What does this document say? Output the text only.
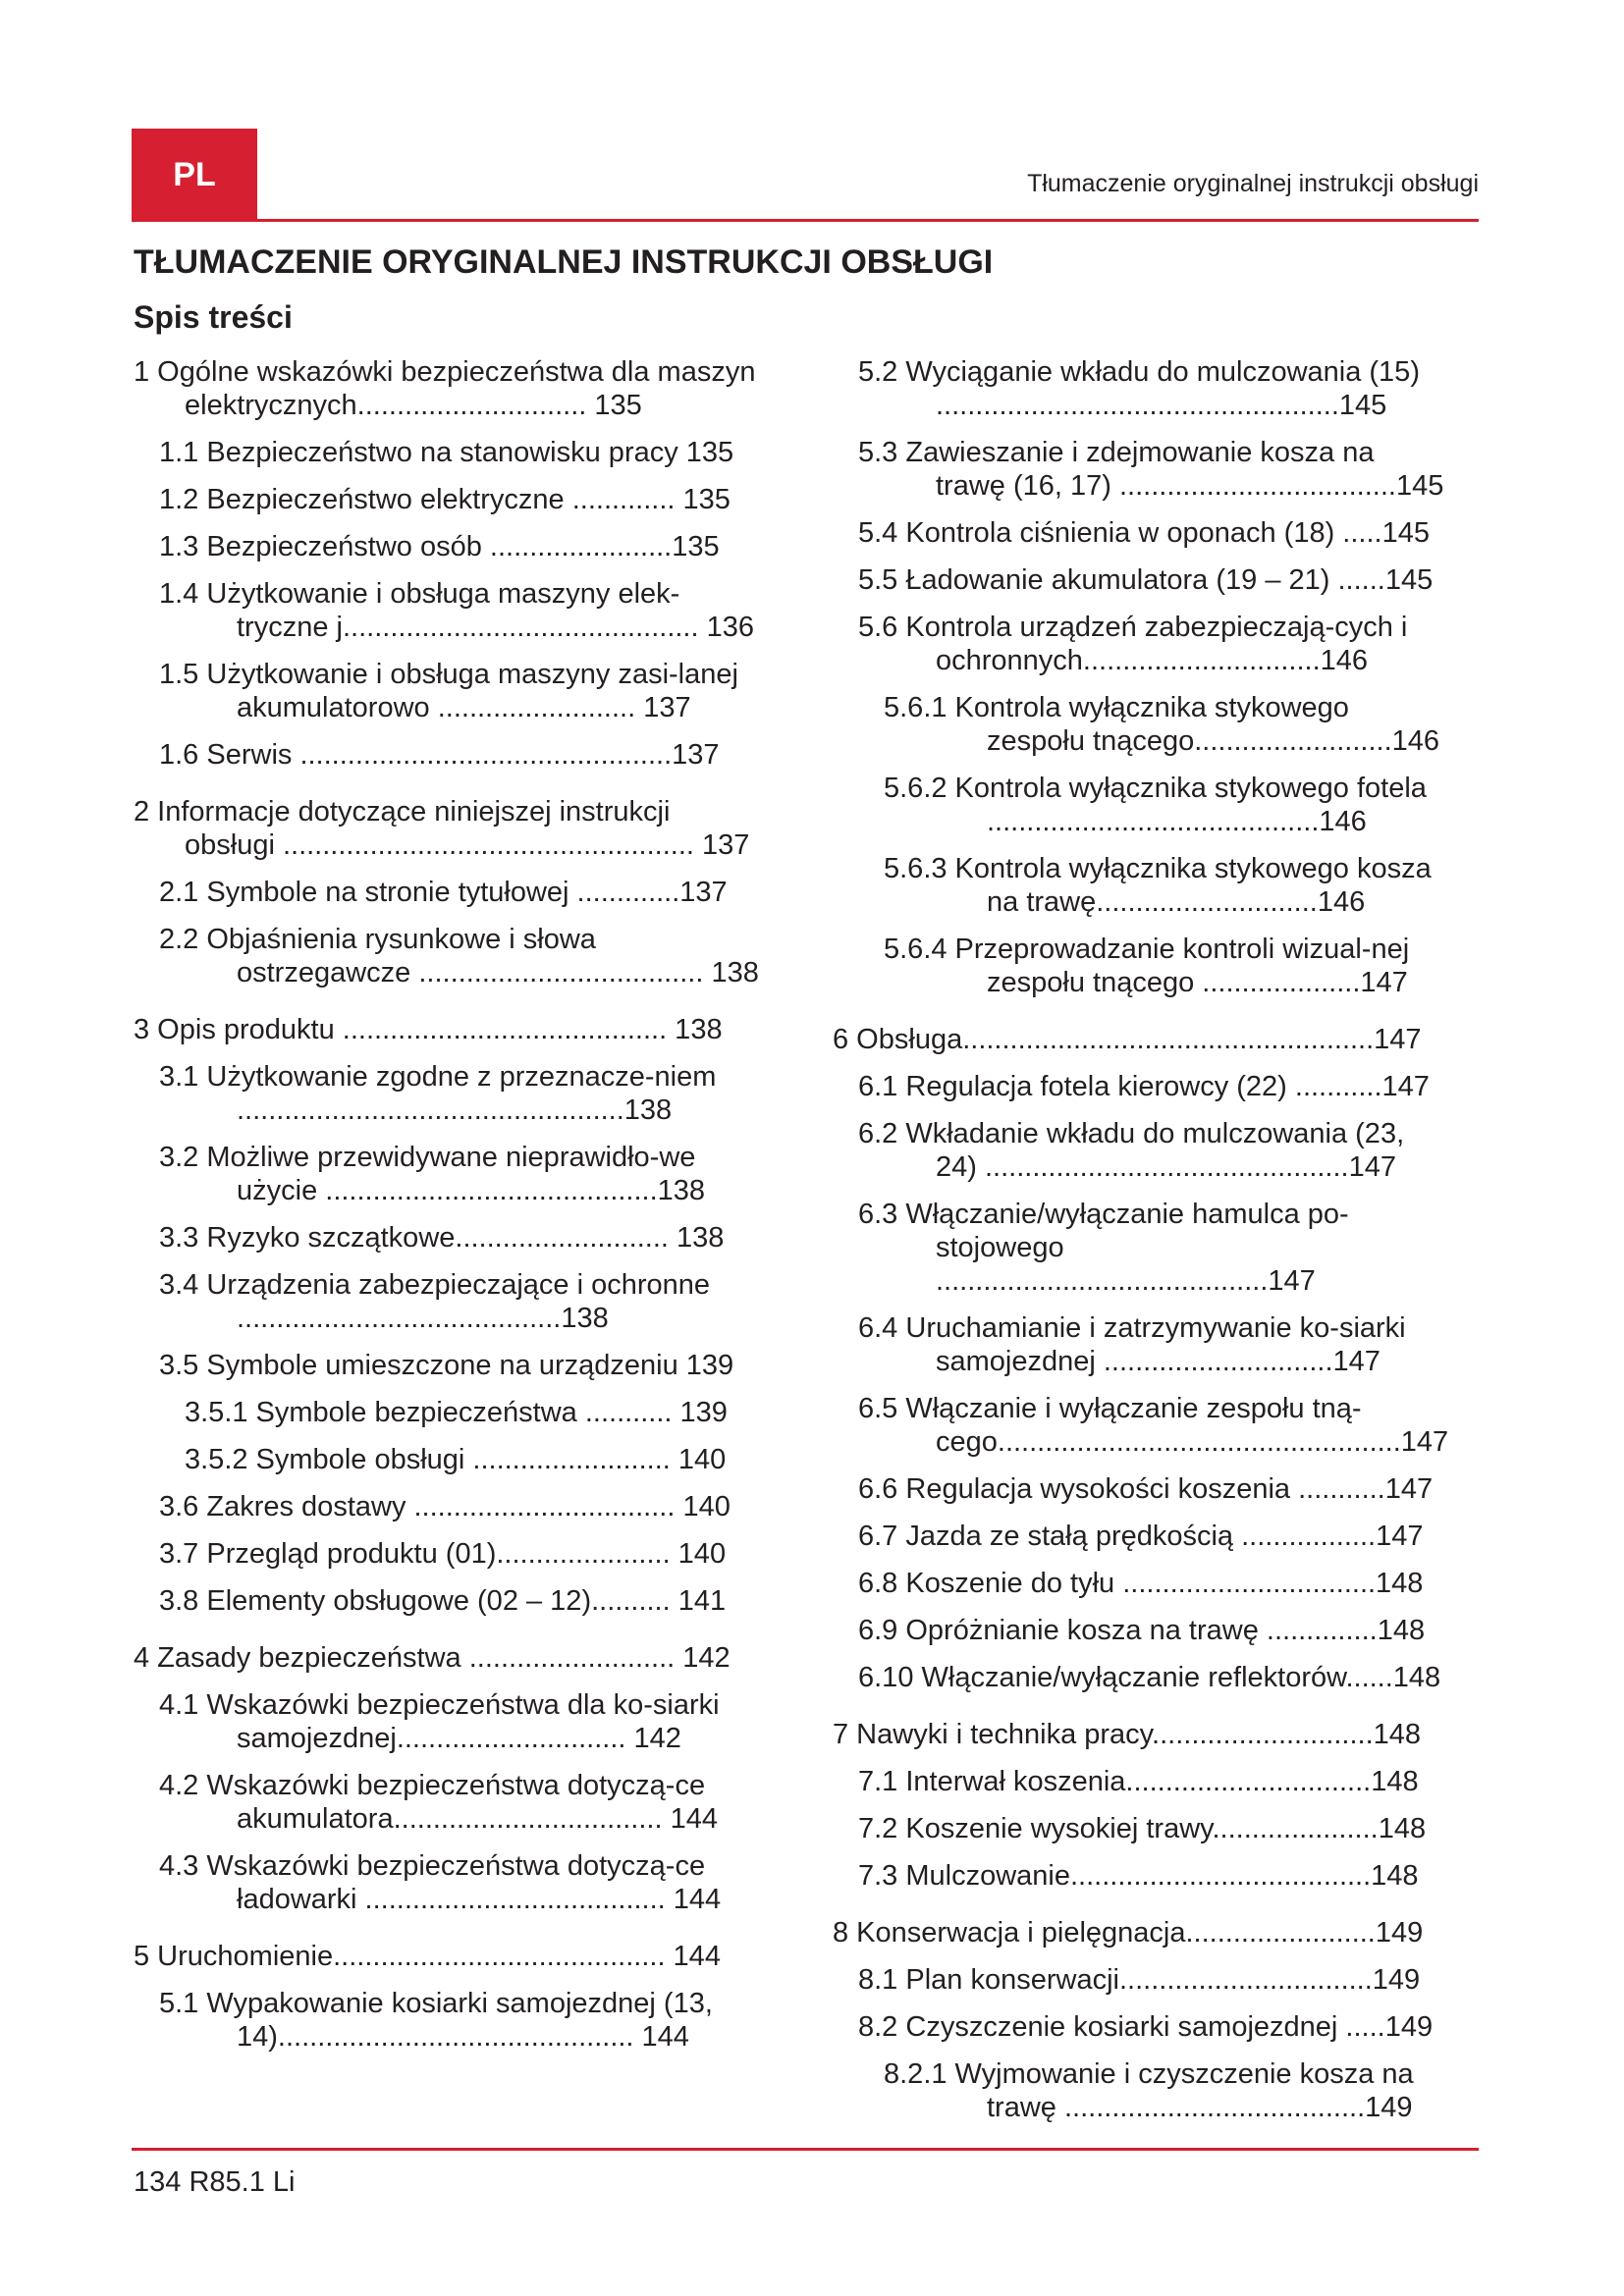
PL	Tłumaczenie oryginalnej instrukcji obsługi
TŁUMACZENIE ORYGINALNEJ INSTRUKCJI OBSŁUGI
Spis treści
1 Ogólne wskazówki bezpieczeństwa dla maszyn elektrycznych............................. 135
1.1 Bezpieczeństwo na stanowisku pracy 135
1.2 Bezpieczeństwo elektryczne ............. 135
1.3 Bezpieczeństwo osób .......................135
1.4 Użytkowanie i obsługa maszyny elek-tryczne j............................................. 136
1.5 Użytkowanie i obsługa maszyny zasi-lanej akumulatorowo ......................... 137
1.6 Serwis ...............................................137
2 Informacje dotyczące niniejszej instrukcji obsługi .................................................... 137
2.1 Symbole na stronie tytułowej .............137
2.2 Objaśnienia rysunkowe i słowa ostrzegawcze .................................... 138
3 Opis produktu ......................................... 138
3.1 Użytkowanie zgodne z przeznacze-niem .................................................138
3.2 Możliwe przewidywane nieprawidło-we użycie ..........................................138
3.3 Ryzyko szczątkowe........................... 138
3.4 Urządzenia zabezpieczające i ochronne .........................................138
3.5 Symbole umieszczone na urządzeniu 139
3.5.1 Symbole bezpieczeństwa ........... 139
3.5.2 Symbole obsługi ......................... 140
3.6 Zakres dostawy ................................. 140
3.7 Przegląd produktu (01)...................... 140
3.8 Elementy obsługowe (02 – 12).......... 141
4 Zasady bezpieczeństwa .......................... 142
4.1 Wskazówki bezpieczeństwa dla ko-siarki samojezdnej............................. 142
4.2 Wskazówki bezpieczeństwa dotyczą-ce akumulatora.................................. 144
4.3 Wskazówki bezpieczeństwa dotyczą-ce ładowarki ...................................... 144
5 Uruchomienie.......................................... 144
5.1 Wypakowanie kosiarki samojezdnej (13, 14)............................................. 144
5.2 Wyciąganie wkładu do mulczowania (15) ...................................................145
5.3 Zawieszanie i zdejmowanie kosza na trawę (16, 17) ...................................145
5.4 Kontrola ciśnienia w oponach (18) .....145
5.5 Ładowanie akumulatora (19 – 21) ......145
5.6 Kontrola urządzeń zabezpieczają-cych i ochronnych..............................146
5.6.1 Kontrola wyłącznika stykowego zespołu tnącego.........................146
5.6.2 Kontrola wyłącznika stykowego fotela ..........................................146
5.6.3 Kontrola wyłącznika stykowego kosza na trawę............................146
5.6.4 Przeprowadzanie kontroli wizual-nej zespołu tnącego ....................147
6 Obsługa....................................................147
6.1 Regulacja fotela kierowcy (22) ...........147
6.2 Wkładanie wkładu do mulczowania (23, 24) ..............................................147
6.3 Włączanie/wyłączanie hamulca po-stojowego ..........................................147
6.4 Uruchamianie i zatrzymywanie ko-siarki samojezdnej .............................147
6.5 Włączanie i wyłączanie zespołu tną-cego...................................................147
6.6 Regulacja wysokości koszenia ...........147
6.7 Jazda ze stałą prędkością .................147
6.8 Koszenie do tyłu ................................148
6.9 Opróżnianie kosza na trawę ..............148
6.10 Włączanie/wyłączanie reflektorów......148
7 Nawyki i technika pracy............................148
7.1 Interwał koszenia...............................148
7.2 Koszenie wysokiej trawy.....................148
7.3 Mulczowanie......................................148
8 Konserwacja i pielęgnacja........................149
8.1 Plan konserwacji................................149
8.2 Czyszczenie kosiarki samojezdnej .....149
8.2.1 Wyjmowanie i czyszczenie kosza na trawę ......................................149
134 R85.1 Li
